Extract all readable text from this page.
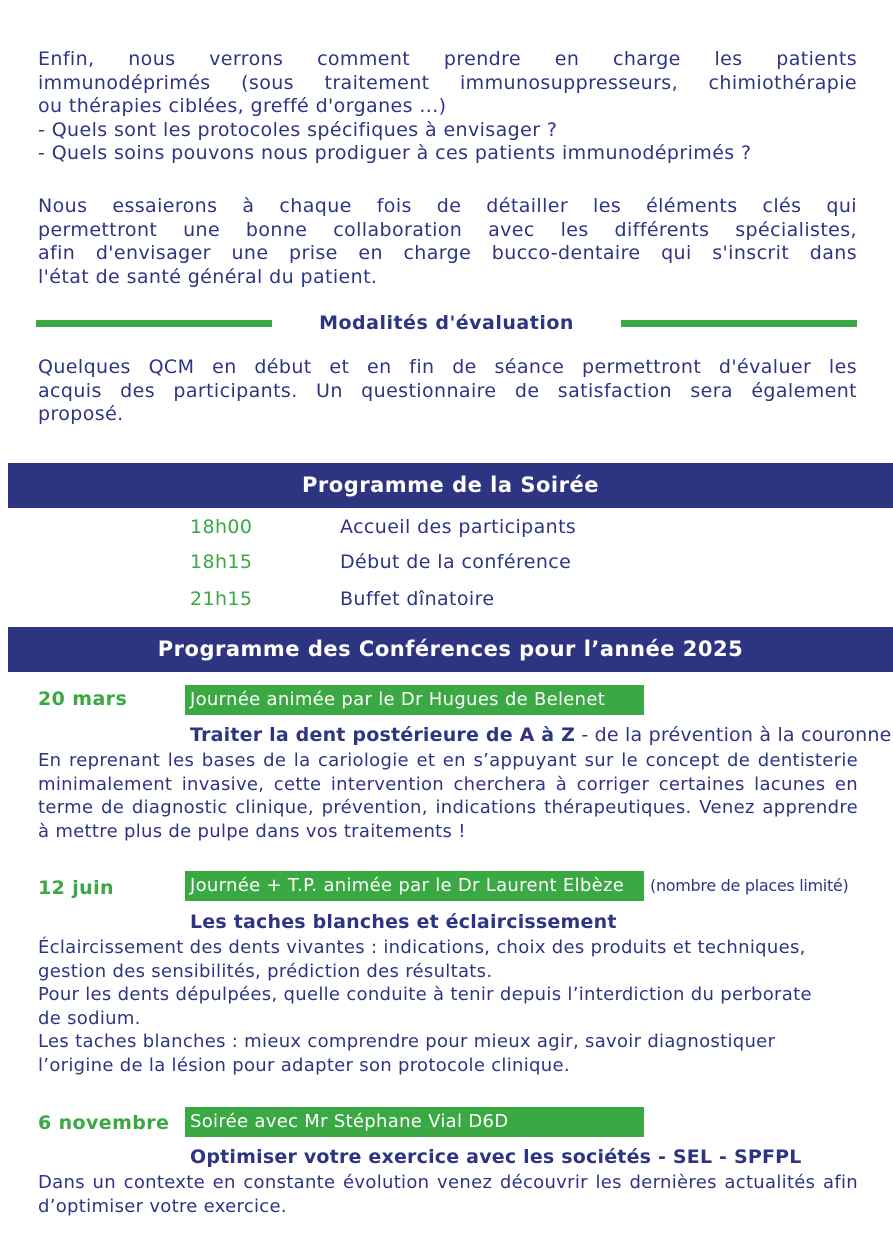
Enfin, nous verrons comment prendre en charge les patients
immunodéprimés (sous traitement immunosuppresseurs, chimiothérapie
ou thérapies ciblées, greffé d'organes ...)
- Quels sont les protocoles spécifiques à envisager ?
- Quels soins pouvons nous prodiguer à ces patients immunodéprimés ?

Nous essaierons à chaque fois de détailler les éléments clés qui
permettront une bonne collaboration avec les différents spécialistes,
afin d'envisager une prise en charge bucco-dentaire qui s'inscrit dans
l'état de santé général du patient.

Modalités d'évaluation

Quelques QCM en début et en fin de séance permettront d'évaluer les
acquis des participants. Un questionnaire de satisfaction sera également
proposé.

Programme de la Soirée
18h00	Accueil des participants
18h15	Début de la conférence
21h15	Buffet dînatoire
Programme des Conférences pour l’année 2025
20 mars	Journée animée par le Dr Hugues de Belenet
Traiter la dent postérieure de A à Z - de la prévention à la couronne

En reprenant les bases de la cariologie et en s’appuyant sur le concept de dentisterie
minimalement invasive, cette intervention cherchera à corriger certaines lacunes en
terme de diagnostic clinique, prévention, indications thérapeutiques. Venez apprendre
à mettre plus de pulpe dans vos traitements !

12 juin	Journée + T.P. animée par le Dr Laurent Elbèze	(nombre de places limité)
Les taches blanches et éclaircissement

Éclaircissement des dents vivantes : indications, choix des produits et techniques,
gestion des sensibilités, prédiction des résultats.
Pour les dents dépulpées, quelle conduite à tenir depuis l’interdiction du perborate
de sodium.
Les taches blanches : mieux comprendre pour mieux agir, savoir diagnostiquer
l’origine de la lésion pour adapter son protocole clinique.

6 novembre Soirée avec Mr Stéphane Vial D6D
Optimiser votre exercice avec les sociétés - SEL - SPFPL

Dans un contexte en constante évolution venez découvrir les dernières actualités afin
d’optimiser votre exercice.
